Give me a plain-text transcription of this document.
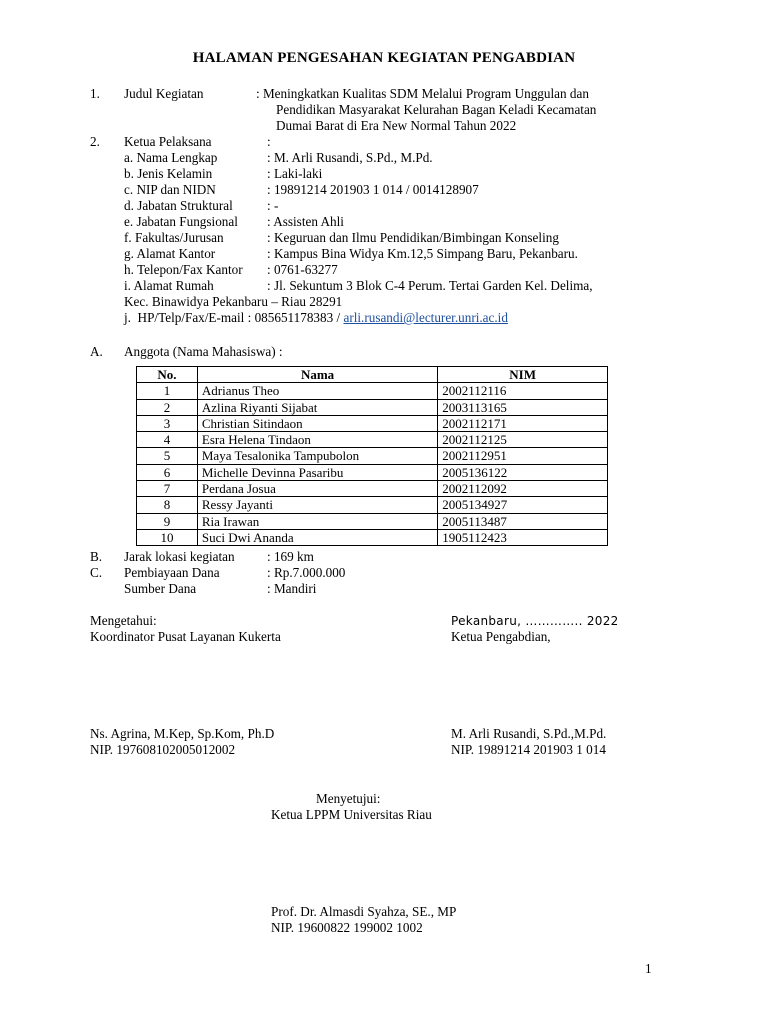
HALAMAN PENGESAHAN KEGIATAN PENGABDIAN
1. Judul Kegiatan	: Meningkatkan Kualitas SDM Melalui Program Unggulan dan
Pendidikan Masyarakat Kelurahan Bagan Keladi Kecamatan
Dumai Barat di Era New Normal Tahun 2022
2. Ketua Pelaksana	:
a. Nama Lengkap	: M. Arli Rusandi, S.Pd., M.Pd.
b. Jenis Kelamin	: Laki-laki
c. NIP dan NIDN	: 19891214 201903 1 014 / 0014128907
d. Jabatan Struktural	: -
e. Jabatan Fungsional : Assisten Ahli
f. Fakultas/Jurusan	: Keguruan dan Ilmu Pendidikan/Bimbingan Konseling
g. Alamat Kantor	: Kampus Bina Widya Km.12,5 Simpang Baru, Pekanbaru.
h. Telepon/Fax Kantor : 0761-63277
i. Alamat Rumah	: Jl. Sekuntum 3 Blok C-4 Perum. Tertai Garden Kel. Delima,
Kec. Binawidya Pekanbaru – Riau 28291
j.  HP/Telp/Fax/E-mail : 085651178383 / arli.rusandi@lecturer.unri.ac.id
A. Anggota (Nama Mahasiswa) :
No.	Nama	NIM
1	Adrianus Theo	2002112116
2	Azlina Riyanti Sijabat	2003113165
3	Christian Sitindaon	2002112171
4	Esra Helena Tindaon	2002112125
5	Maya Tesalonika Tampubolon	2002112951
6	Michelle Devinna Pasaribu	2005136122
7	Perdana Josua	2002112092
8	Ressy Jayanti	2005134927
9	Ria Irawan	2005113487
10	Suci Dwi Ananda	1905112423
B. Jarak lokasi kegiatan : 169 km
C. Pembiayaan Dana	: Rp.7.000.000
Sumber Dana	: Mandiri
Mengetahui:
Koordinator Pusat Layanan Kukerta
Ns. Agrina, M.Kep, Sp.Kom, Ph.D
NIP. 197608102005012002
Pekanbaru, ………….. 2022
Ketua Pengabdian,
M. Arli Rusandi, S.Pd.,M.Pd.
NIP. 19891214 201903 1 014
Menyetujui:
Ketua LPPM Universitas Riau
Prof. Dr. Almasdi Syahza, SE., MP
NIP. 19600822 199002 1002
1
